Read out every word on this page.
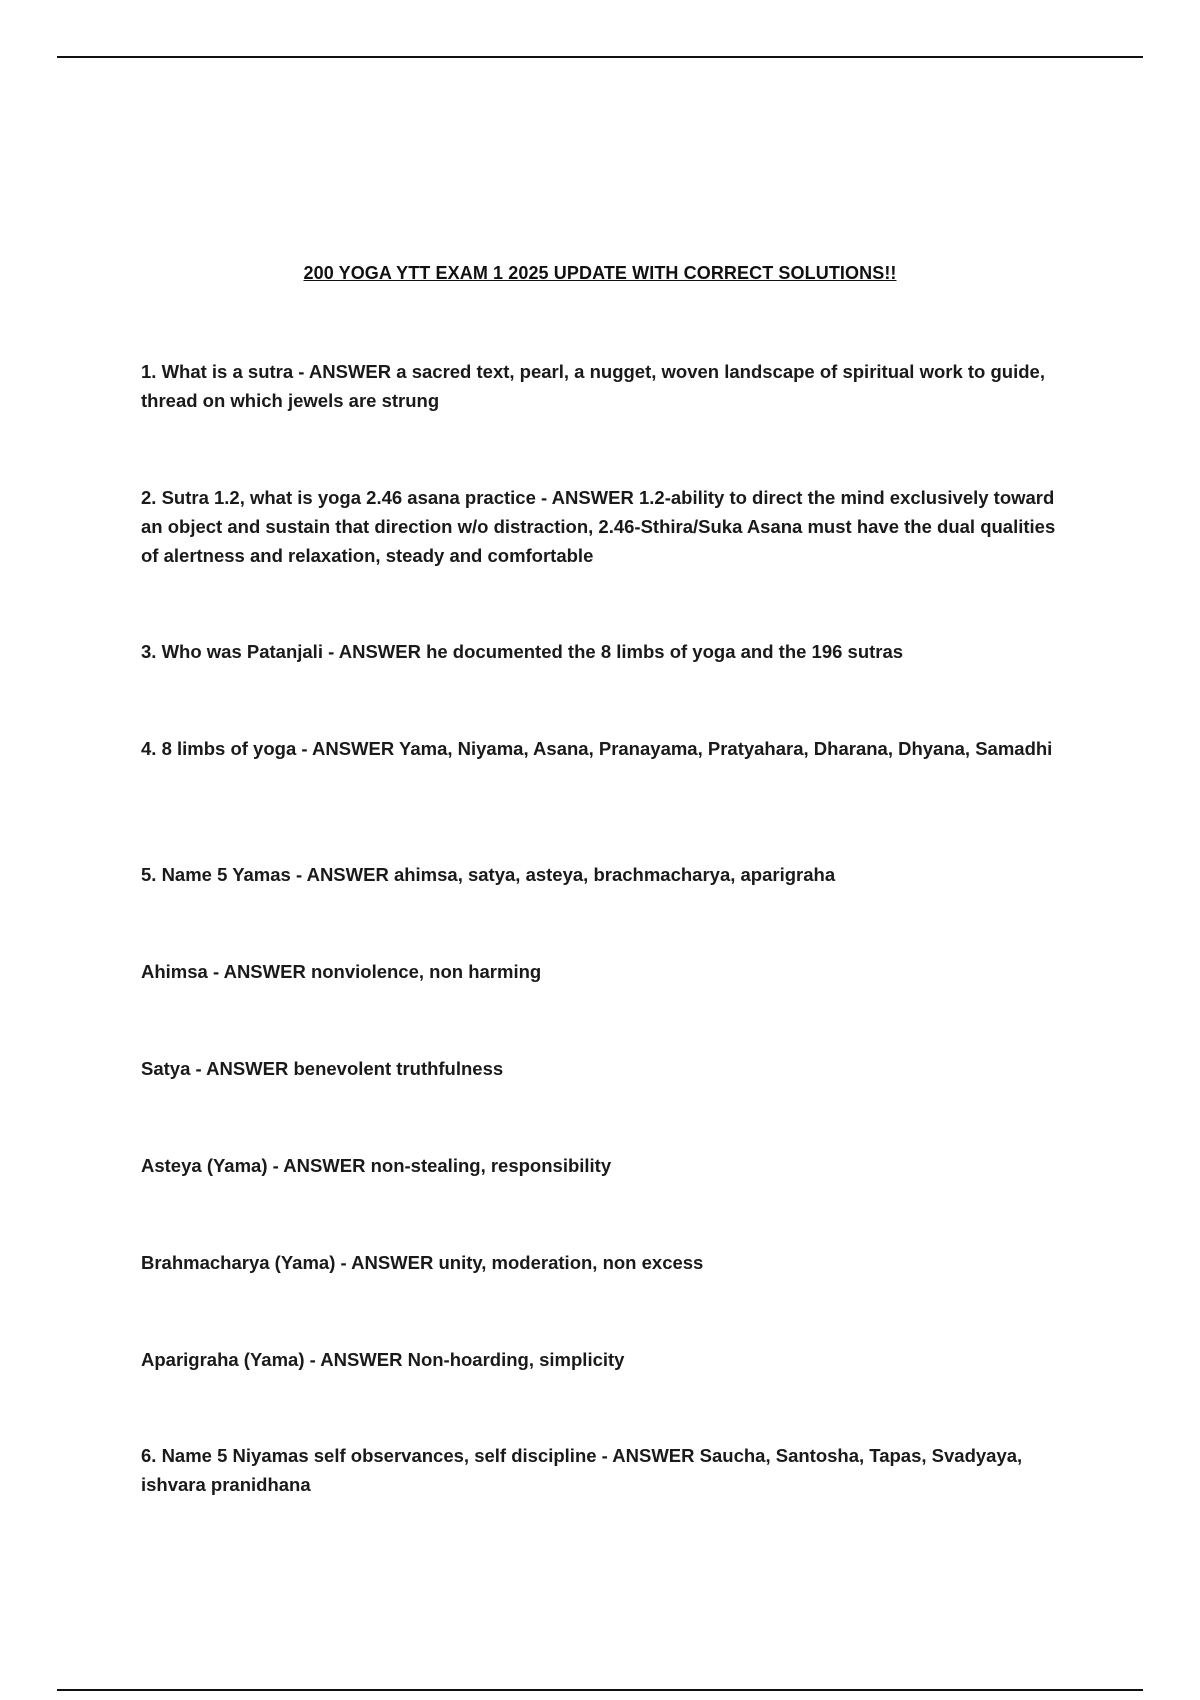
200 YOGA YTT EXAM 1 2025 UPDATE WITH CORRECT SOLUTIONS!!

1. What is a sutra - ANSWER a sacred text, pearl, a nugget, woven landscape of spiritual work to guide, thread on which jewels are strung

2. Sutra 1.2, what is yoga 2.46 asana practice - ANSWER 1.2-ability to direct the mind exclusively toward an object and sustain that direction w/o distraction, 2.46-Sthira/Suka Asana must have the dual qualities of alertness and relaxation, steady and comfortable

3. Who was Patanjali - ANSWER he documented the 8 limbs of yoga and the 196 sutras

4. 8 limbs of yoga - ANSWER Yama, Niyama, Asana, Pranayama, Pratyahara, Dharana, Dhyana, Samadhi

5. Name 5 Yamas - ANSWER ahimsa, satya, asteya, brachmacharya, aparigraha

Ahimsa - ANSWER nonviolence, non harming

Satya - ANSWER benevolent truthfulness

Asteya (Yama) - ANSWER non-stealing, responsibility

Brahmacharya (Yama) - ANSWER unity, moderation, non excess

Aparigraha (Yama) - ANSWER Non-hoarding, simplicity

6. Name 5 Niyamas self observances, self discipline - ANSWER Saucha, Santosha, Tapas, Svadyaya, ishvara pranidhana
